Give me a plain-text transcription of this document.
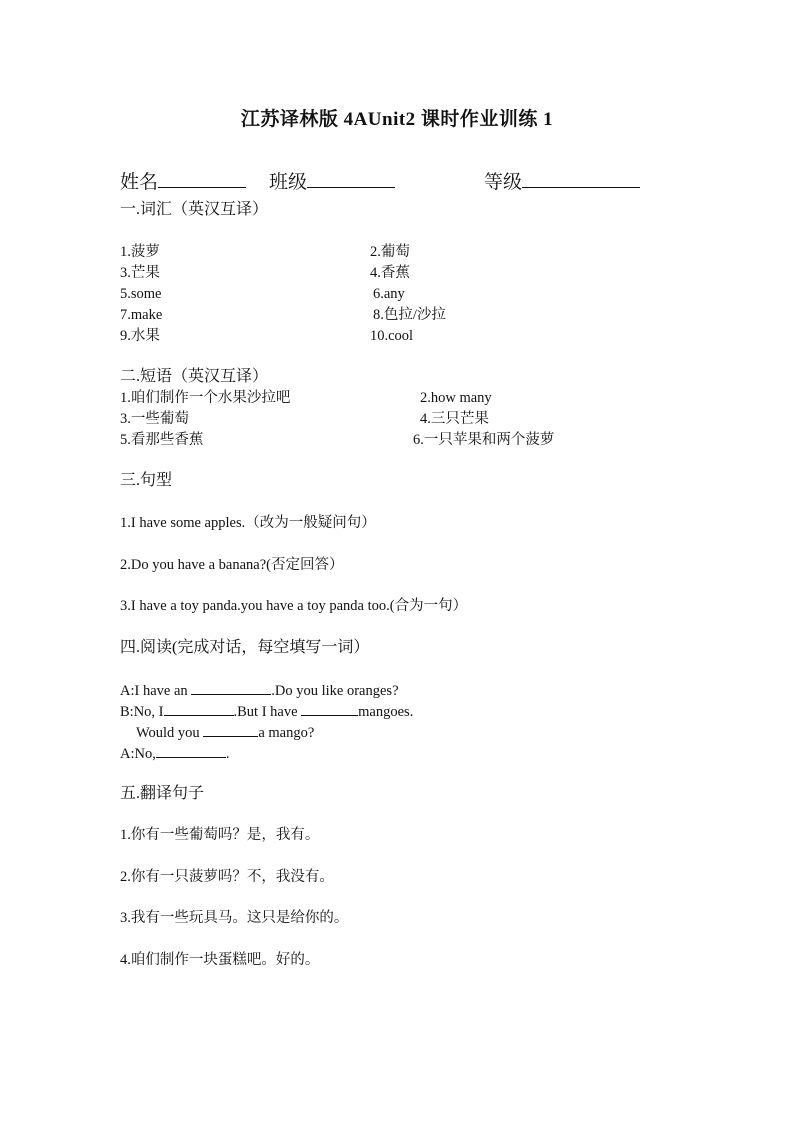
江苏译林版 4AUnit2 课时作业训练 1
姓名	班级	等级
一.词汇（英汉互译）
1.菠萝	2.葡萄
3.芒果	4.香蕉
5.some	6.any
7.make	8.色拉/沙拉
9.水果	10.cool
二.短语（英汉互译）
1.咱们制作一个水果沙拉吧	2.how many
3.一些葡萄	4.三只芒果
5.看那些香蕉	6.一只苹果和两个菠萝
三.句型
1.I have some apples.（改为一般疑问句）
2.Do you have a banana?(否定回答）
3.I have a toy panda.you have a toy panda too.(合为一句）
四.阅读(完成对话，每空填写一词）
A:I have an	.Do you like oranges?
B:No, I	.But I have	mangoes.
Would you	a mango?
A:No,	.
五.翻译句子
1.你有一些葡萄吗？是，我有。
2.你有一只菠萝吗？不，我没有。
3.我有一些玩具马。这只是给你的。
4.咱们制作一块蛋糕吧。好的。
